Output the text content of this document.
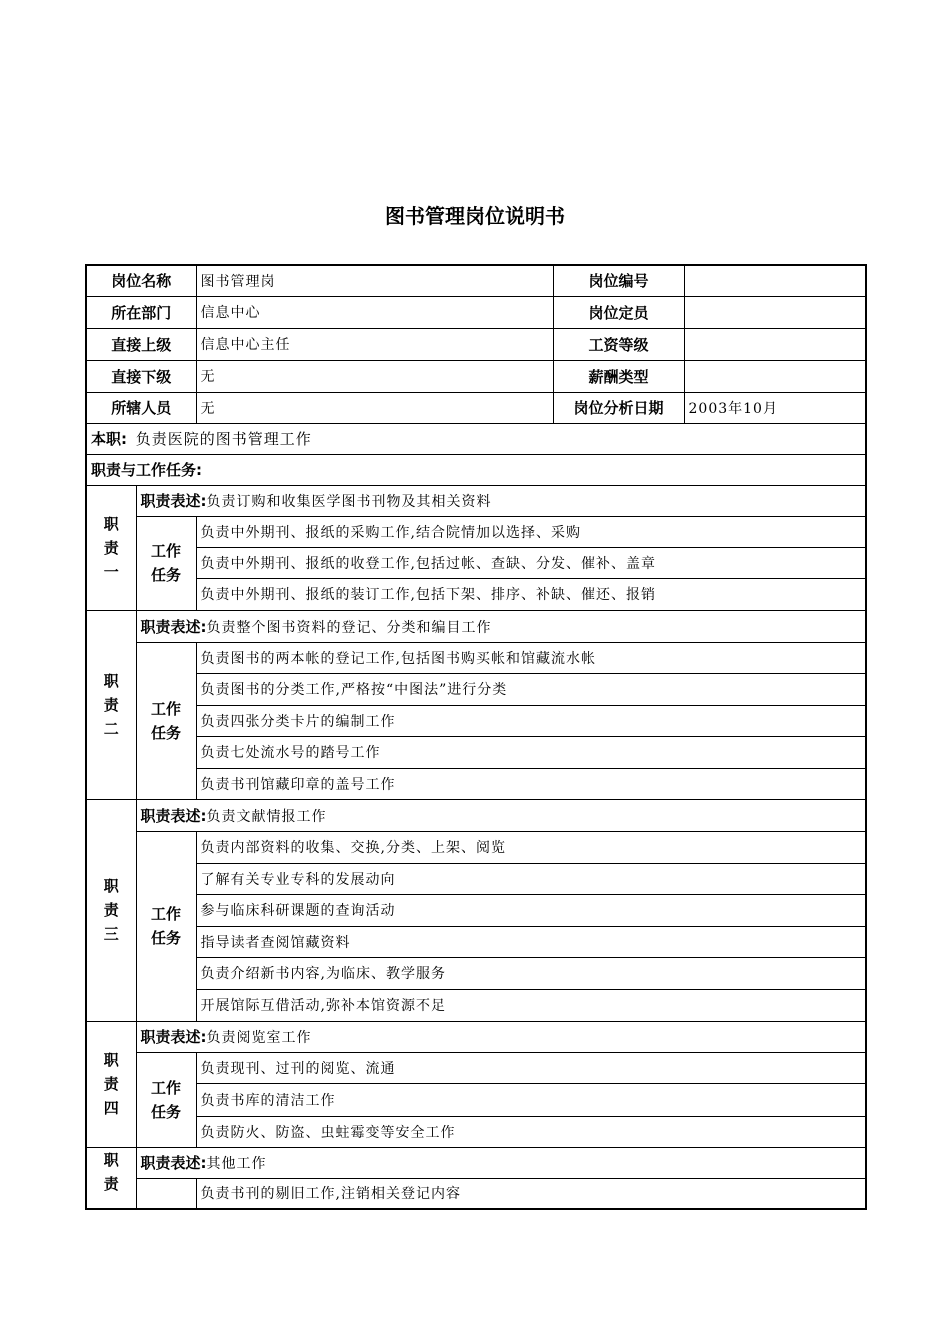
图书管理岗位说明书
岗位名称		图书管理岗	岗位编号	
所在部门		信息中心	岗位定员	
直接上级		信息中心主任	工资等级	
直接下级		无	薪酬类型	
所辖人员		无	岗位分析日期	2003年10月
本职: 负责医院的图书管理工作				
职责与工作任务:				

职责一	职责表述:负责订购和收集医学图书刊物及其相关资料			

	工作任务	负责中外期刊、报纸的采购工作,结合院情加以选择、采购		
		负责中外期刊、报纸的收登工作,包括过帐、查缺、分发、催补、盖章		
		负责中外期刊、报纸的装订工作,包括下架、排序、补缺、催还、报销		

职责二	职责表述:负责整个图书资料的登记、分类和编目工作			

	工作任务	负责图书的两本帐的登记工作,包括图书购买帐和馆藏流水帐		
		负责图书的分类工作,严格按“中图法”进行分类		
		负责四张分类卡片的编制工作		
		负责七处流水号的踏号工作		
		负责书刊馆藏印章的盖号工作		

职责三	职责表述:负责文献情报工作			

	工作任务	负责内部资料的收集、交换,分类、上架、阅览		
		了解有关专业专科的发展动向		
		参与临床科研课题的查询活动		
		指导读者查阅馆藏资料		
		负责介绍新书内容,为临床、教学服务		
		开展馆际互借活动,弥补本馆资源不足		

职责四	职责表述:负责阅览室工作			

	工作任务	负责现刊、过刊的阅览、流通		
		负责书库的清洁工作		
		负责防火、防盗、虫蛀霉变等安全工作		

职责	职责表述:其他工作			
		负责书刊的剔旧工作,注销相关登记内容		
